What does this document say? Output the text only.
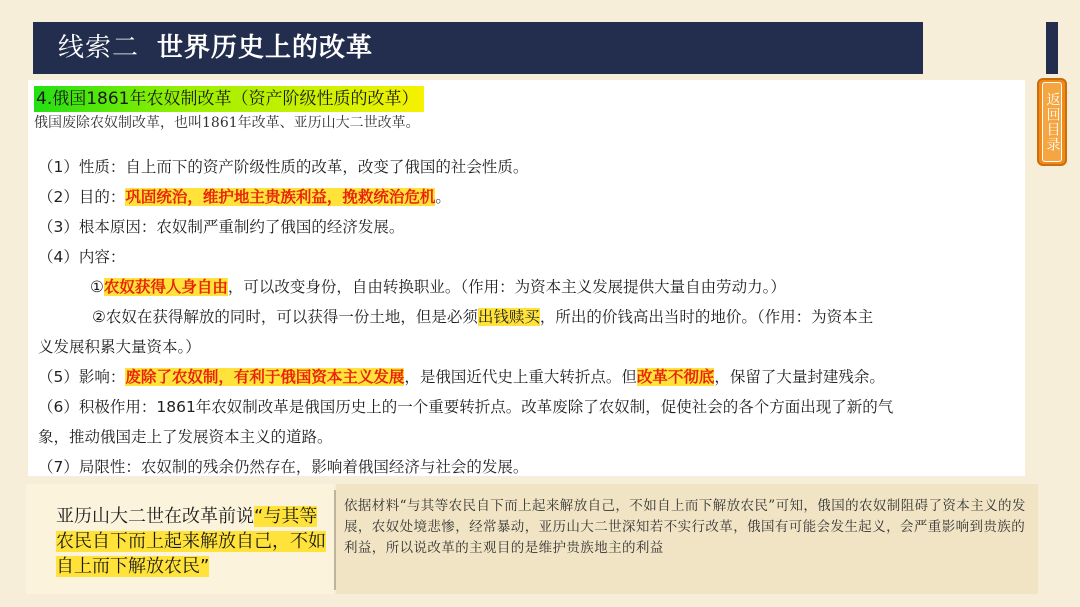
线索二 世界历史上的改革
返回目录
4.俄国1861年农奴制改革（资产阶级性质的改革）
俄国废除农奴制改革，也叫1861年改革、亚历山大二世改革。
（1）性质：自上而下的资产阶级性质的改革，改变了俄国的社会性质。
（2）目的：巩固统治，维护地主贵族利益，挽救统治危机。
（3）根本原因：农奴制严重制约了俄国的经济发展。
（4）内容：
①农奴获得人身自由，可以改变身份，自由转换职业。（作用：为资本主义发展提供大量自由劳动力。）
②农奴在获得解放的同时，可以获得一份土地，但是必须出钱赎买，所出的价钱高出当时的地价。（作用：为资本主
义发展积累大量资本。）
（5）影响：废除了农奴制，有利于俄国资本主义发展，是俄国近代史上重大转折点。但改革不彻底，保留了大量封建残余。
（6）积极作用：1861年农奴制改革是俄国历史上的一个重要转折点。改革废除了农奴制，促使社会的各个方面出现了新的气
象，推动俄国走上了发展资本主义的道路。
（7）局限性：农奴制的残余仍然存在，影响着俄国经济与社会的发展。
亚历山大二世在改革前说“与其等农民自下而上起来解放自己，不如自上而下解放农民”
依据材料“与其等农民自下而上起来解放自己，不如自上而下解放农民”可知，俄国的农奴制阻碍了资本主义的发展，农奴处境悲惨，经常暴动，亚历山大二世深知若不实行改革，俄国有可能会发生起义，会严重影响到贵族的利益，所以说改革的主观目的是维护贵族地主的利益
